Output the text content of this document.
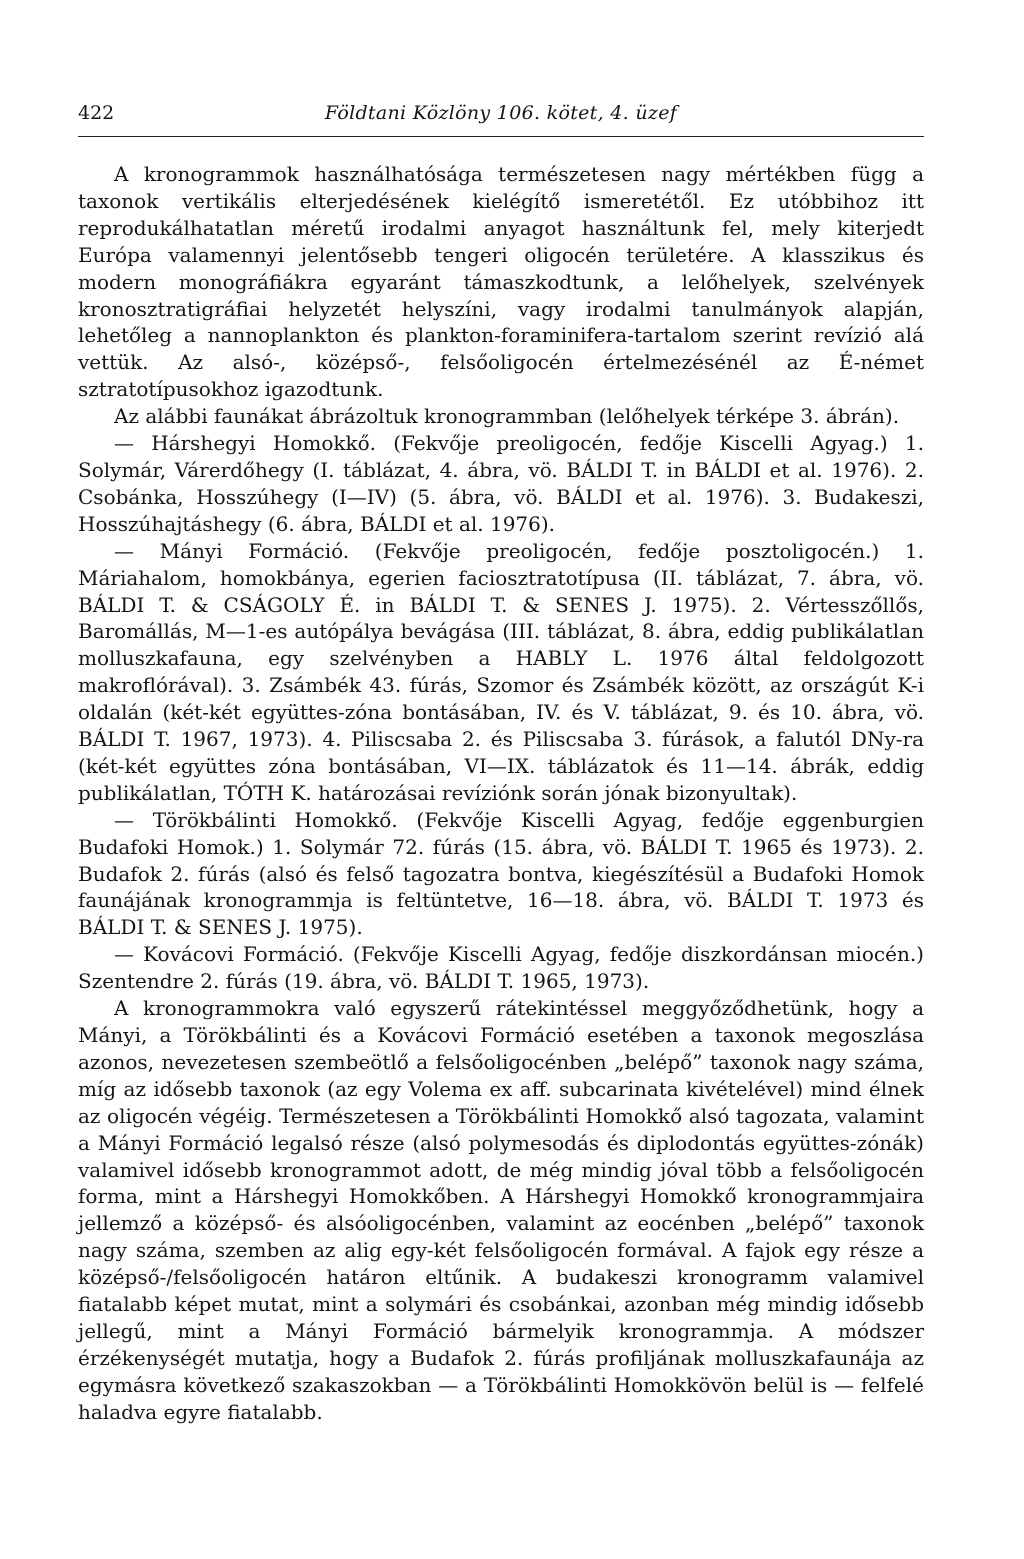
422	Földtani Közlöny 106. kötet, 4. üzef

A kronogrammok használhatósága természetesen nagy mértékben függ a taxonok vertikális elterjedésének kielégítő ismeretétől. Ez utóbbihoz itt reprodukálhatatlan méretű irodalmi anyagot használtunk fel, mely kiterjedt Európa valamennyi jelentősebb tengeri oligocén területére. A klasszikus és modern monográfiákra egyaránt támaszkodtunk, a lelőhelyek, szelvények kronosztratigráfiai helyzetét helyszíni, vagy irodalmi tanulmányok alapján, lehetőleg a nannoplankton és plankton-foraminifera-tartalom szerint revízió alá vettük. Az alsó-, középső-, felsőoligocén értelmezésénél az É-német sztratotípusokhoz igazodtunk.

Az alábbi faunákat ábrázoltuk kronogrammban (lelőhelyek térképe 3. ábrán).

— Hárshegyi Homokkő. (Fekvője preoligocén, fedője Kiscelli Agyag.) 1. Solymár, Várerdőhegy (I. táblázat, 4. ábra, vö. BÁLDI T. in BÁLDI et al. 1976). 2. Csobánka, Hosszúhegy (I—IV) (5. ábra, vö. BÁLDI et al. 1976). 3. Budakeszi, Hosszúhajtáshegy (6. ábra, BÁLDI et al. 1976).

— Mányi Formáció. (Fekvője preoligocén, fedője posztoligocén.) 1. Máriahalom, homokbánya, egerien faciosztratotípusa (II. táblázat, 7. ábra, vö. BÁLDI T. & CSÁGOLY É. in BÁLDI T. & SENES J. 1975). 2. Vértesszőllős, Baromállás, M—1-es autópálya bevágása (III. táblázat, 8. ábra, eddig publikálatlan molluszkafauna, egy szelvényben a HABLY L. 1976 által feldolgozott makroflórával). 3. Zsámbék 43. fúrás, Szomor és Zsámbék között, az országút K-i oldalán (két-két együttes-zóna bontásában, IV. és V. táblázat, 9. és 10. ábra, vö. BÁLDI T. 1967, 1973). 4. Piliscsaba 2. és Piliscsaba 3. fúrások, a falutól DNy-ra (két-két együttes zóna bontásában, VI—IX. táblázatok és 11—14. ábrák, eddig publikálatlan, TÓTH K. határozásai revíziónk során jónak bizonyultak).

— Törökbálinti Homokkő. (Fekvője Kiscelli Agyag, fedője eggenburgien Budafoki Homok.) 1. Solymár 72. fúrás (15. ábra, vö. BÁLDI T. 1965 és 1973). 2. Budafok 2. fúrás (alsó és felső tagozatra bontva, kiegészítésül a Budafoki Homok faunájának kronogrammja is feltüntetve, 16—18. ábra, vö. BÁLDI T. 1973 és BÁLDI T. & SENES J. 1975).

— Kovácovi Formáció. (Fekvője Kiscelli Agyag, fedője diszkordánsan miocén.) Szentendre 2. fúrás (19. ábra, vö. BÁLDI T. 1965, 1973).

A kronogrammokra való egyszerű rátekintéssel meggyőződhetünk, hogy a Mányi, a Törökbálinti és a Kovácovi Formáció esetében a taxonok megoszlása azonos, nevezetesen szembeötlő a felsőoligocénben „belépő” taxonok nagy száma, míg az idősebb taxonok (az egy Volema ex aff. subcarinata kivételével) mind élnek az oligocén végéig. Természetesen a Törökbálinti Homokkő alsó tagozata, valamint a Mányi Formáció legalsó része (alsó polymesodás és diplodontás együttes-zónák) valamivel idősebb kronogrammot adott, de még mindig jóval több a felsőoligocén forma, mint a Hárshegyi Homokkőben. A Hárshegyi Homokkő kronogrammjaira jellemző a középső- és alsóoligocénben, valamint az eocénben „belépő” taxonok nagy száma, szemben az alig egy-két felsőoligocén formával. A fajok egy része a középső-/felsőoligocén határon eltűnik. A budakeszi kronogramm valamivel fiatalabb képet mutat, mint a solymári és csobánkai, azonban még mindig idősebb jellegű, mint a Mányi Formáció bármelyik kronogrammja. A módszer érzékenységét mutatja, hogy a Budafok 2. fúrás profiljának molluszkafaunája az egymásra következő szakaszokban — a Törökbálinti Homokkövön belül is — felfelé haladva egyre fiatalabb.
